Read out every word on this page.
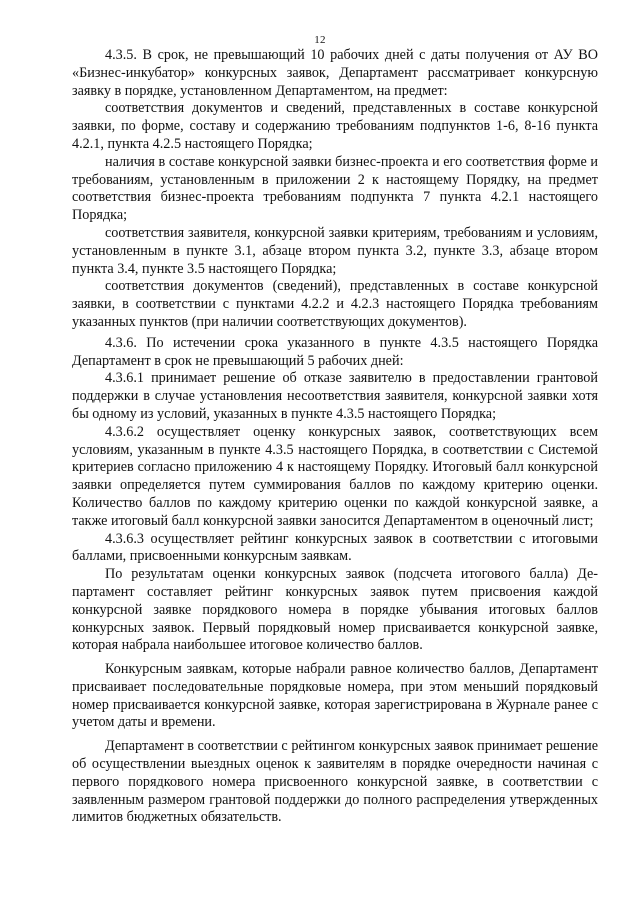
12

4.3.5. В срок, не превышающий 10 рабочих дней с даты получения от АУ ВО «Бизнес-инкубатор» конкурсных заявок, Департамент рассматривает конкурсную заявку в порядке, установленном Департаментом, на предмет:

соответствия документов и сведений, представленных в составе конкурсной заявки, по форме, составу и содержанию требованиям подпунктов 1-6, 8-16 пункта 4.2.1, пункта 4.2.5 настоящего Порядка;

наличия в составе конкурсной заявки бизнес-проекта и его соответствия форме и требованиям, установленным в приложении 2 к настоящему Порядку, на предмет соответствия бизнес-проекта требованиям подпункта 7 пункта 4.2.1 настоящего Порядка;

соответствия заявителя, конкурсной заявки критериям, требованиям и условиям, установленным в пункте 3.1, абзаце втором пункта 3.2, пункте 3.3, абзаце втором пункта 3.4, пункте 3.5 настоящего Порядка;

соответствия документов (сведений), представленных в составе конкурсной заявки, в соответствии с пунктами 4.2.2 и 4.2.3 настоящего Порядка требованиям указанных пунктов (при наличии соответствующих документов).

4.3.6. По истечении срока указанного в пункте 4.3.5 настоящего Порядка Департамент в срок не превышающий 5 рабочих дней:

4.3.6.1 принимает решение об отказе заявителю в предоставлении грантовой поддержки в случае установления несоответствия заявителя, конкурсной заявки хотя бы одному из условий, указанных в пункте 4.3.5 настоящего Порядка;

4.3.6.2 осуществляет оценку конкурсных заявок, соответствующих всем условиям, указанным в пункте 4.3.5 настоящего Порядка, в соответствии с Системой критериев согласно приложению 4 к настоящему Порядку. Итоговый балл конкурсной заявки определяется путем суммирования баллов по каждому критерию оценки. Количество баллов по каждому критерию оценки по каждой конкурсной заявке, а также итоговый балл конкурсной заявки заносится Департаментом в оценочный лист;

4.3.6.3 осуществляет рейтинг конкурсных заявок в соответствии с итоговыми баллами, присвоенными конкурсным заявкам.

По результатам оценки конкурсных заявок (подсчета итогового балла) Департамент составляет рейтинг конкурсных заявок путем присвоения каждой конкурсной заявке порядкового номера в порядке убывания итоговых баллов конкурсных заявок. Первый порядковый номер присваивается конкурсной заявке, которая набрала наибольшее итоговое количество баллов.

Конкурсным заявкам, которые набрали равное количество баллов, Департамент присваивает последовательные порядковые номера, при этом меньший порядковый номер присваивается конкурсной заявке, которая зарегистрирована в Журнале ранее с учетом даты и времени.

Департамент в соответствии с рейтингом конкурсных заявок принимает решение об осуществлении выездных оценок к заявителям в порядке очередности начиная с первого порядкового номера присвоенного конкурсной заявке, в соответствии с заявленным размером грантовой поддержки до полного распределения утвержденных лимитов бюджетных обязательств.
